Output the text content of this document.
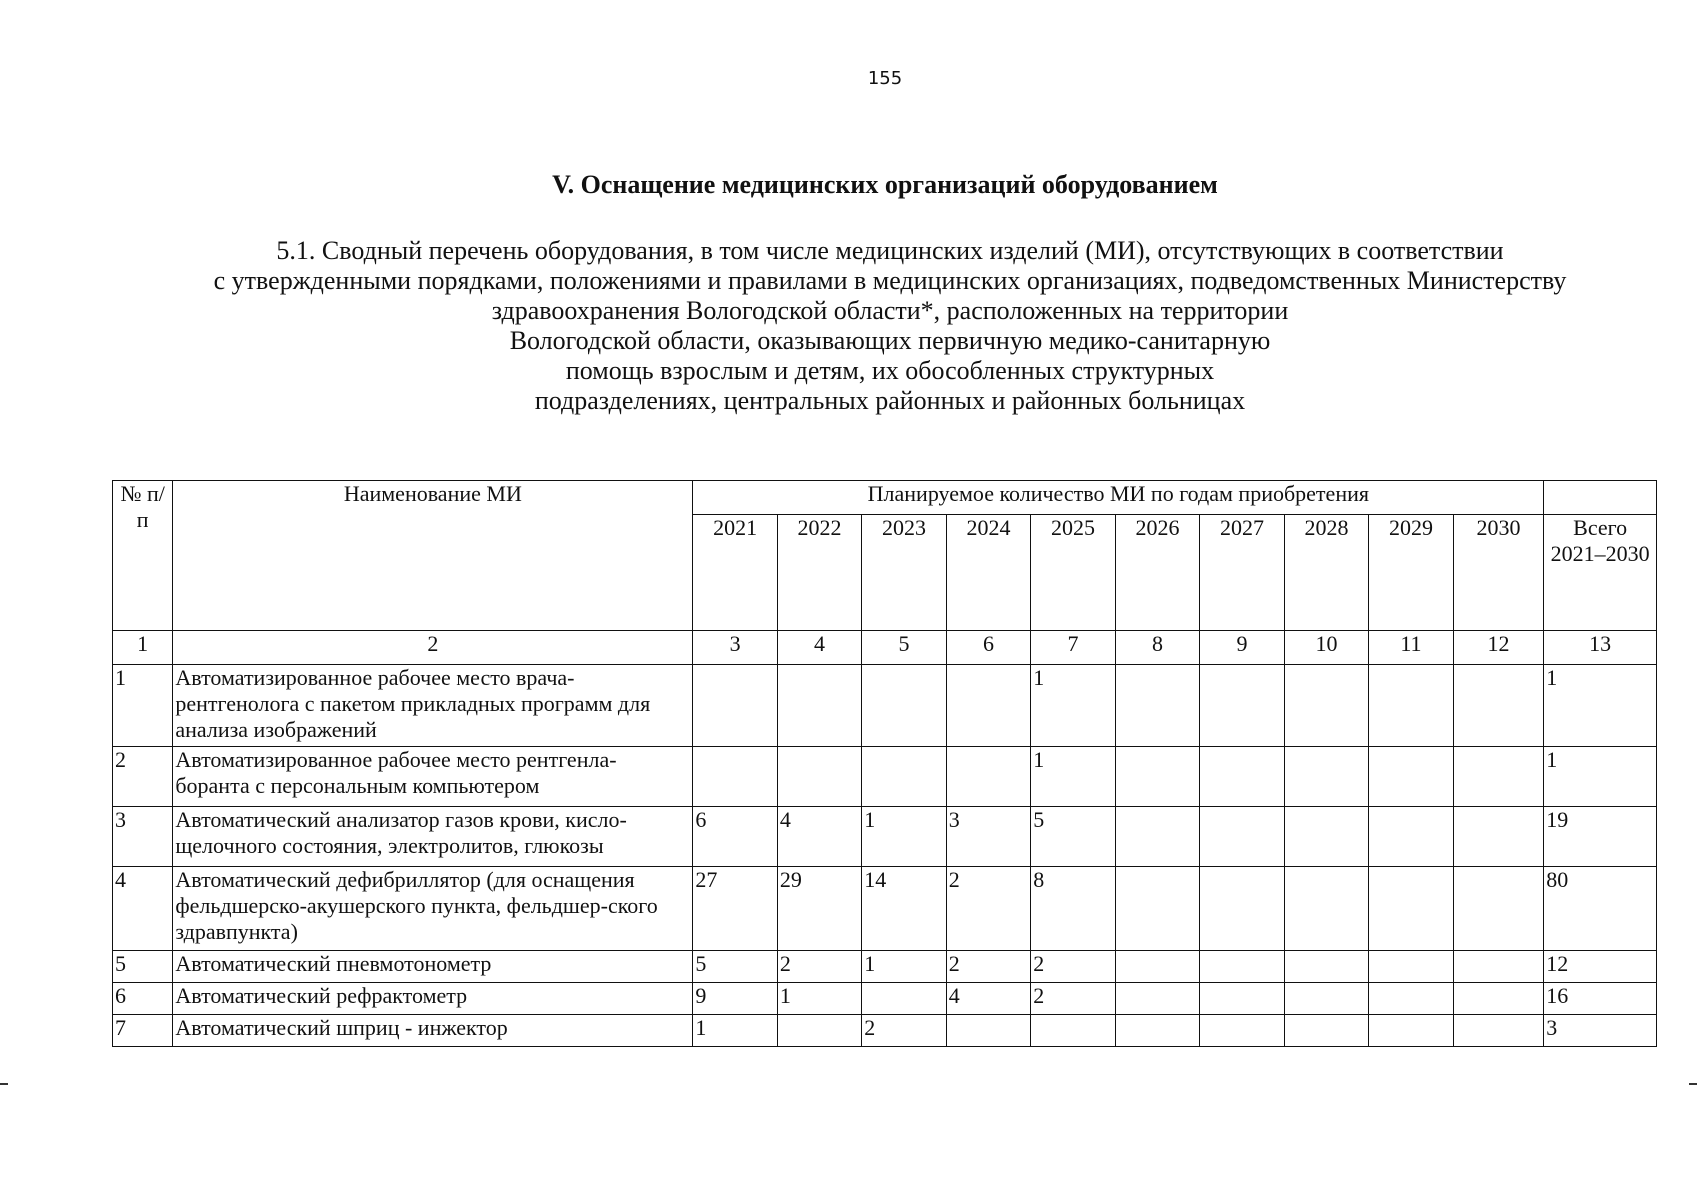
155
V. Оснащение медицинских организаций оборудованием
5.1. Сводный перечень оборудования, в том числе медицинских изделий (МИ), отсутствующих в соответствии
с утвержденными порядками, положениями и правилами в медицинских организациях, подведомственных Министерству
здравоохранения Вологодской области*, расположенных на территории
Вологодской области, оказывающих первичную медико-санитарную
помощь взрослым и детям, их обособленных структурных
подразделениях, центральных районных и районных больницах
№ п/п	Наименование МИ	Планируемое количество МИ по годам приобретения										
		2021	2022	2023	2024	2025	2026	2027	2028	2029	2030	Всего 2021–2030
1	2	3	4	5	6	7	8	9	10	11	12	13
1	Автоматизированное рабочее место врача-рентгенолога с пакетом прикладных программ для анализа изображений					1						1
2	Автоматизированное рабочее место рентгенла-боранта с персональным компьютером					1						1
3	Автоматический анализатор газов крови, кисло-щелочного состояния, электролитов, глюкозы	6	4	1	3	5						19
4	Автоматический дефибриллятор (для оснащения фельдшерско-акушерского пункта, фельдшер-ского здравпункта)	27	29	14	2	8						80
5	Автоматический пневмотонометр	5	2	1	2	2						12
6	Автоматический рефрактометр	9	1		4	2						16
7	Автоматический шприц - инжектор	1		2								3
